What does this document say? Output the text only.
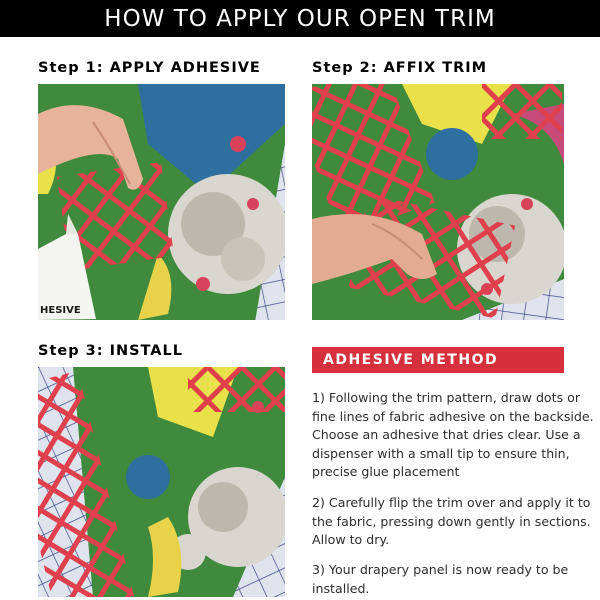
HOW TO APPLY OUR OPEN TRIM
Step 1: APPLY ADHESIVE	Step 2: AFFIX TRIM
Step 3: INSTALL
HESIVE
ADHESIVE METHOD

1) Following the trim pattern, draw dots or fine lines of fabric adhesive on the backside. Choose an adhesive that dries clear. Use a dispenser with a small tip to ensure thin, precise glue placement

2) Carefully flip the trim over and apply it to the fabric, pressing down gently in sections. Allow to dry.

3) Your drapery panel is now ready to be installed.
